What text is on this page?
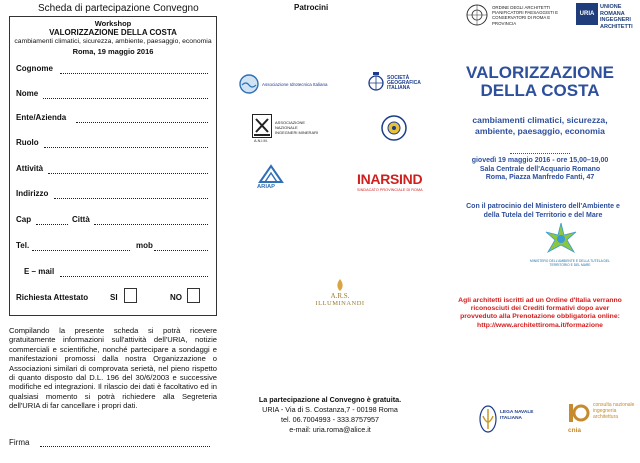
Scheda di partecipazione Convegno
Workshop
VALORIZZAZIONE DELLA COSTA
cambiamenti climatici, sicurezza, ambiente, paesaggio, economia
Roma, 19 maggio 2016
Cognome
Nome
Ente/Azienda
Ruolo
Attività
Indirizzo
Cap	Città
Tel.	mob
E – mail
Richiesta Attestato	SI	NO
Compilando la presente scheda si potrà ricevere gratuitamente informazioni sull'attività dell'URIA, notizie commerciali e scientifiche, nonché partecipare a sondaggi e manifestazioni promossi dalla nostra Organizzazione o Associazioni similari di comprovata serietà, nel pieno rispetto di quanto disposto dal D.L. 196 del 30/6/2003 e successive modifiche ed integrazioni. Il rilascio dei dati è facoltativo ed in qualsiasi momento si potrà richiedere alla Segreteria dell'URIA di far cancellare i propri dati.
Firma
Patrocini
Associazione Idrotecnica Italiana
SOCIETÀ GEOGRAFICA ITALIANA
ASSOCIAZIONE NAZIONALE INGEGNERI MINERARI
A.N.I.M.
ARIAP	INARSIND
SINDACATO PROVINCIALE DI ROMA
A.R.S.
ILLUMINANDI
La partecipazione al Convegno è gratuita.
URIA - Via di S. Costanza,7 - 00198 Roma
tel. 06.7004993 - 333.8757957
e-mail: uria.roma@alice.it
ORDINE DEGLI ARCHITETTI PIANIFICATORI PAESAGGISTI E CONSERVATORI DI ROMA E PROVINCIA
URIA
UNIONE ROMANA INGEGNERI ARCHITETTI
VALORIZZAZIONE
DELLA COSTA
cambiamenti climatici, sicurezza, ambiente, paesaggio, economia
giovedì 19 maggio 2016 - ore 15,00–19,00
Sala Centrale dell'Acquario Romano
Roma, Piazza Manfredo Fanti, 47
Con il patrocinio del Ministero dell'Ambiente e della Tutela del Territorio e del Mare
MINISTERO DELL'AMBIENTE E DELLA TUTELA DEL TERRITORIO E DEL MARE
Agli architetti iscritti ad un Ordine d'Italia verranno riconosciuti dei Crediti formativi dopo aver provveduto alla Prenotazione obbligatoria online: http://www.architettiroma.it/formazione
LEGA NAVALE ITALIANA
cnia
consulta nazionale ingegneria architettura
